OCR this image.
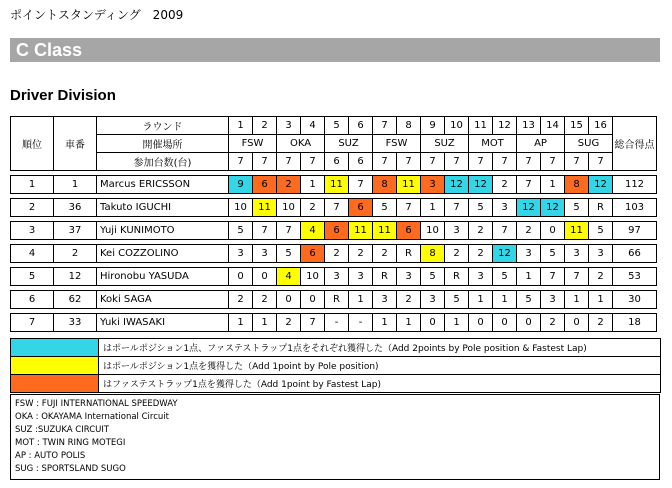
ポイントスタンディング　2009
C Class
Driver Division
順位	車番	ラウンド	1	2	3	4	5	6	7	8	9	10	11	12	13	14	15	16	総合得点
		開催場所	FSW		OKA		SUZ		FSW		SUZ		MOT		AP		SUG		
		参加台数(台)	7	7	7	7	6	6	7	7	7	7	7	7	7	7	7	7	

1	1	Marcus ERICSSON	9	6	2	1	11	7	8	11	3	12	12	2	7	1	8	12	112

2	36	Takuto IGUCHI	10	11	10	2	7	6	5	7	1	7	5	3	12	12	5	R	103

3	37	Yuji KUNIMOTO	5	7	7	4	6	11	11	6	10	3	2	7	2	0	11	5	97

4	2	Kei COZZOLINO	3	3	5	6	2	2	2	R	8	2	2	12	3	5	3	3	66

5	12	Hironobu YASUDA	0	0	4	10	3	3	R	3	5	R	3	5	1	7	7	2	53

6	62	Koki SAGA	2	2	0	0	R	1	3	2	3	5	1	1	5	3	1	1	30

7	33	Yuki IWASAKI	1	1	2	7	-	-	1	1	0	1	0	0	0	2	0	2	18
	はポールポジション1点、ファステストラップ1点をそれぞれ獲得した（Add 2points by Pole position & Fastest Lap)
	はポールポジション1点を獲得した（Add 1point by Pole position)
	はファステストラップ1点を獲得した（Add 1point by Fastest Lap)
FSW : FUJI INTERNATIONAL SPEEDWAY
OKA : OKAYAMA International Circuit
SUZ :SUZUKA CIRCUIT
MOT : TWIN RING MOTEGI
AP : AUTO POLIS
SUG : SPORTSLAND SUGO
